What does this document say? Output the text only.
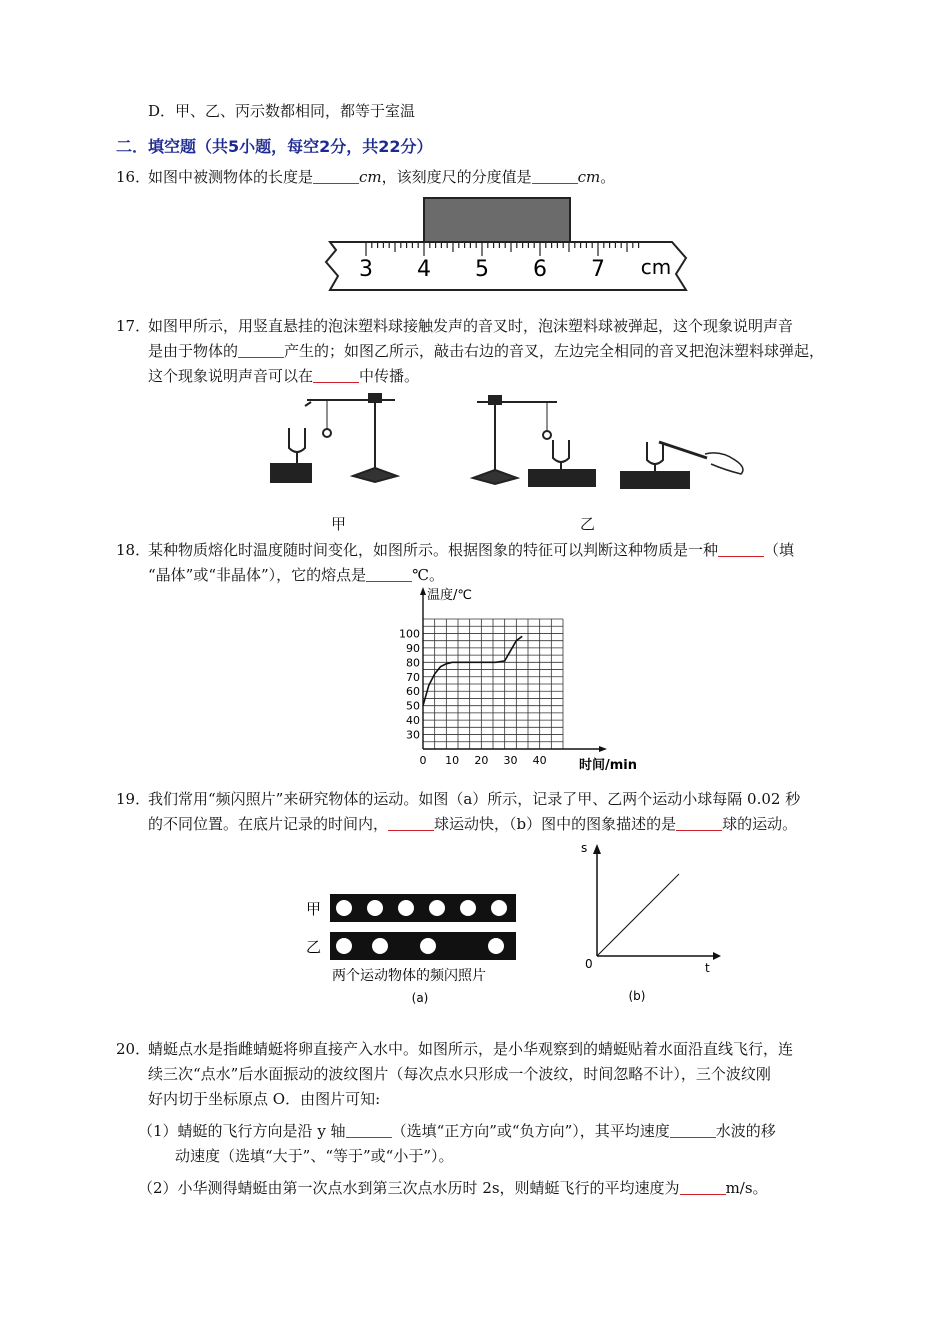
D．甲、乙、丙示数都相同，都等于室温
二．填空题（共5小题，每空2分，共22分）
16．
如图中被测物体的长度是	cm，该刻度尺的分度值是	cm。
3 4 5 6 7 cm
17．
如图甲所示，用竖直悬挂的泡沫塑料球接触发声的音叉时，泡沫塑料球被弹起，这个现象说明声音
是由于物体的	产生的；如图乙所示，敲击右边的音叉，左边完全相同的音叉把泡沫塑料球弹起，
这个现象说明声音可以在	中传播。
甲	乙
18．
某种物质熔化时温度随时间变化，如图所示。根据图象的特征可以判断这种物质是一种	（填
“晶体”或“非晶体”），它的熔点是	℃。
0 10 20 30 40
30
40
50
60
70
80
90
100
温度/℃
时间/min
19．
我们常用“频闪照片”来研究物体的运动。如图（a）所示，记录了甲、乙两个运动小球每隔 0.02 秒
的不同位置。在底片记录的时间内，	球运动快，（b）图中的图象描述的是	球的运动。
甲
乙
两个运动物体的频闪照片
(a)
s
t
0
(b)
20．
蜻蜓点水是指雌蜻蜓将卵直接产入水中。如图所示，是小华观察到的蜻蜓贴着水面沿直线飞行，连
续三次“点水”后水面振动的波纹图片（每次点水只形成一个波纹，时间忽略不计），三个波纹刚
好内切于坐标原点 O．由图片可知:
（1）蜻蜓的飞行方向是沿 y 轴	（选填“正方向”或“负方向”），其平均速度	水波的移
动速度（选填“大于”、“等于”或“小于”）。
（2）小华测得蜻蜓由第一次点水到第三次点水历时 2s，则蜻蜓飞行的平均速度为	m/s。
